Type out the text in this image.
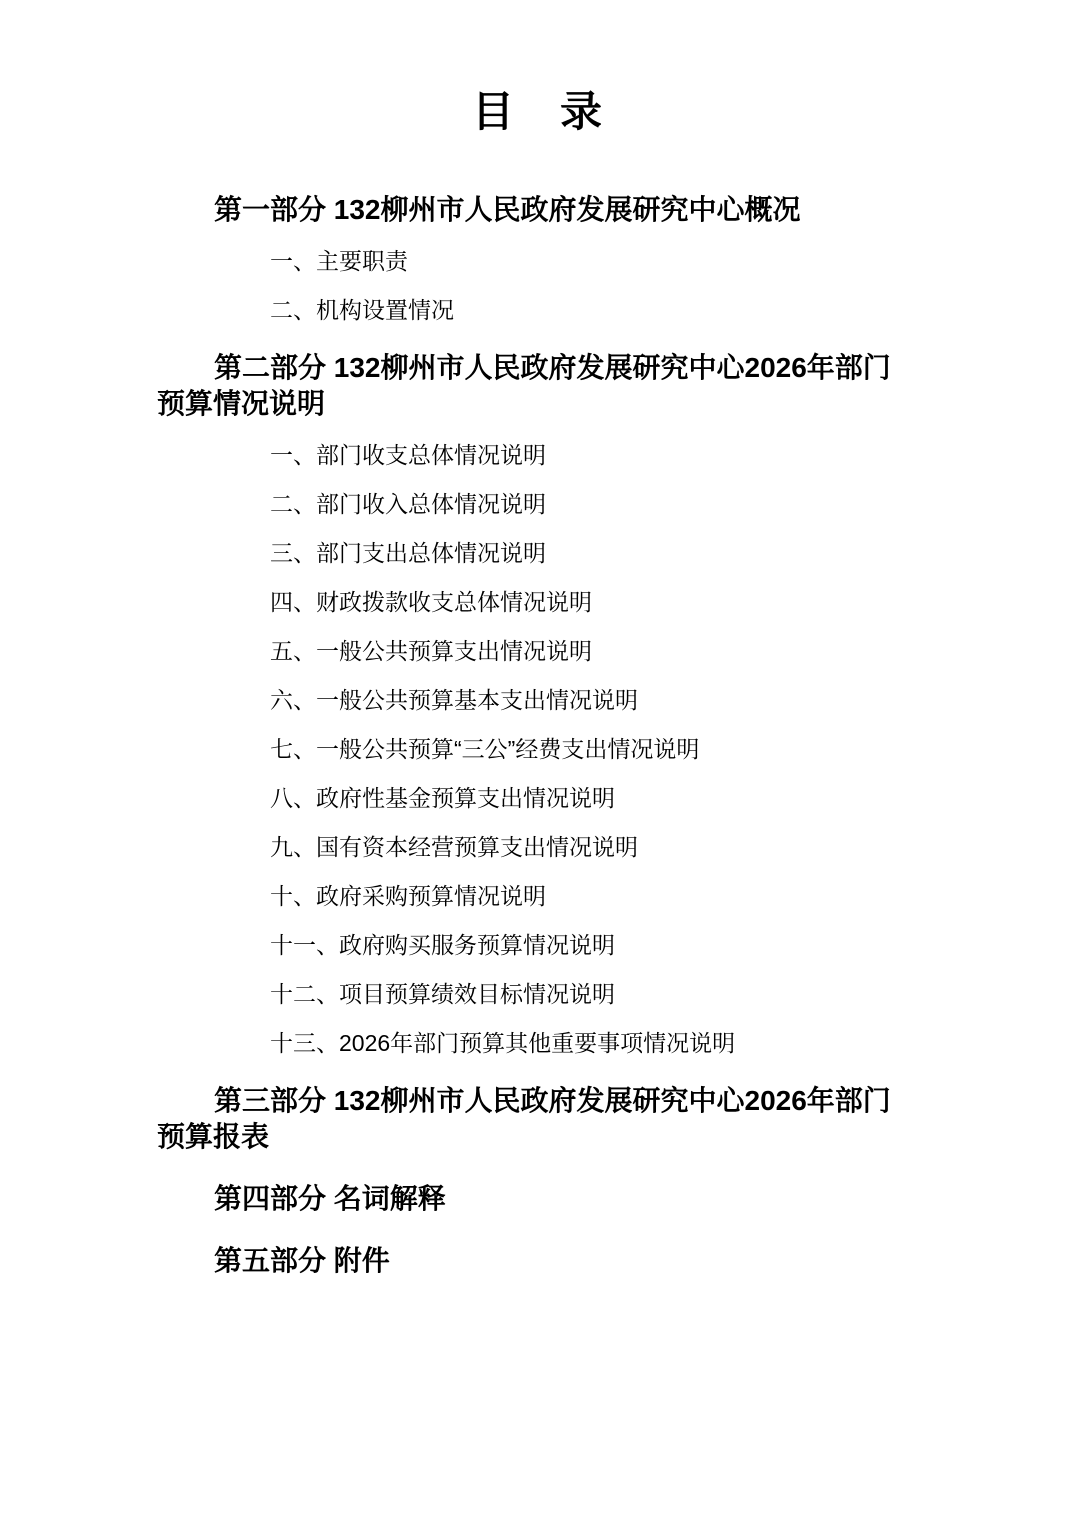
目　录
第一部分 132柳州市人民政府发展研究中心概况
一、主要职责
二、机构设置情况
第二部分 132柳州市人民政府发展研究中心2026年部门
预算情况说明
一、部门收支总体情况说明
二、部门收入总体情况说明
三、部门支出总体情况说明
四、财政拨款收支总体情况说明
五、一般公共预算支出情况说明
六、一般公共预算基本支出情况说明
七、一般公共预算“三公”经费支出情况说明
八、政府性基金预算支出情况说明
九、国有资本经营预算支出情况说明
十、政府采购预算情况说明
十一、政府购买服务预算情况说明
十二、项目预算绩效目标情况说明
十三、2026年部门预算其他重要事项情况说明
第三部分 132柳州市人民政府发展研究中心2026年部门
预算报表
第四部分 名词解释
第五部分 附件
